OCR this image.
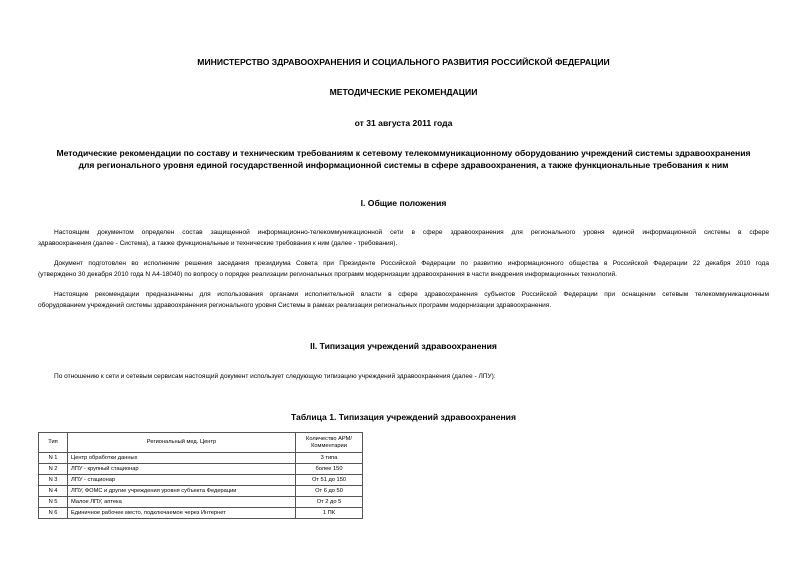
МИНИСТЕРСТВО ЗДРАВООХРАНЕНИЯ И СОЦИАЛЬНОГО РАЗВИТИЯ РОССИЙСКОЙ ФЕДЕРАЦИИ
МЕТОДИЧЕСКИЕ РЕКОМЕНДАЦИИ
от 31 августа 2011 года
Методические рекомендации по составу и техническим требованиям к сетевому телекоммуникационному оборудованию учреждений системы здравоохранения
для регионального уровня единой государственной информационной системы в сфере здравоохранения, а также функциональные требования к ним
I. Общие положения
Настоящим документом определен состав защищенной информационно-телекоммуникационной сети в сфере здравоохранения для регионального уровня единой информационной системы в сфере
здравоохранения (далее - Система), а также функциональные и технические требования к ним (далее - требования).
Документ подготовлен во исполнение решения заседания президиума Совета при Президенте Российской Федерации по развитию информационного общества в Российской Федерации 22 декабря 2010 года
(утверждено 30 декабря 2010 года N А4-18040) по вопросу о порядке реализации региональных программ модернизации здравоохранения в части внедрения информационных технологий.
Настоящие рекомендации предназначены для использования органами исполнительной власти в сфере здравоохранения субъектов Российской Федерации при оснащении сетевым телекоммуникационным
оборудованием учреждений системы здравоохранения регионального уровня Системы в рамках реализации региональных программ модернизации здравоохранения.
II. Типизация учреждений здравоохранения
По отношению к сети и сетевым сервисам настоящий документ использует следующую типизацию учреждений здравоохранения (далее - ЛПУ):
Таблица 1. Типизация учреждений здравоохранения
Тип	Региональный мед. Центр	Количество АРМ/Комментарии
N 1	Центр обработки данных	3 типа
N 2	ЛПУ - крупный стационар	более 150
N 3	ЛПУ - стационар	От 51 до 150
N 4	ЛПУ, ФОМС и другие учреждения уровня субъекта Федерации	От 6 до 50
N 5	Малое ЛПУ, аптека	От 2 до 5
N 6	Единичное рабочее место, подключаемое через Интернет	1 ПК
